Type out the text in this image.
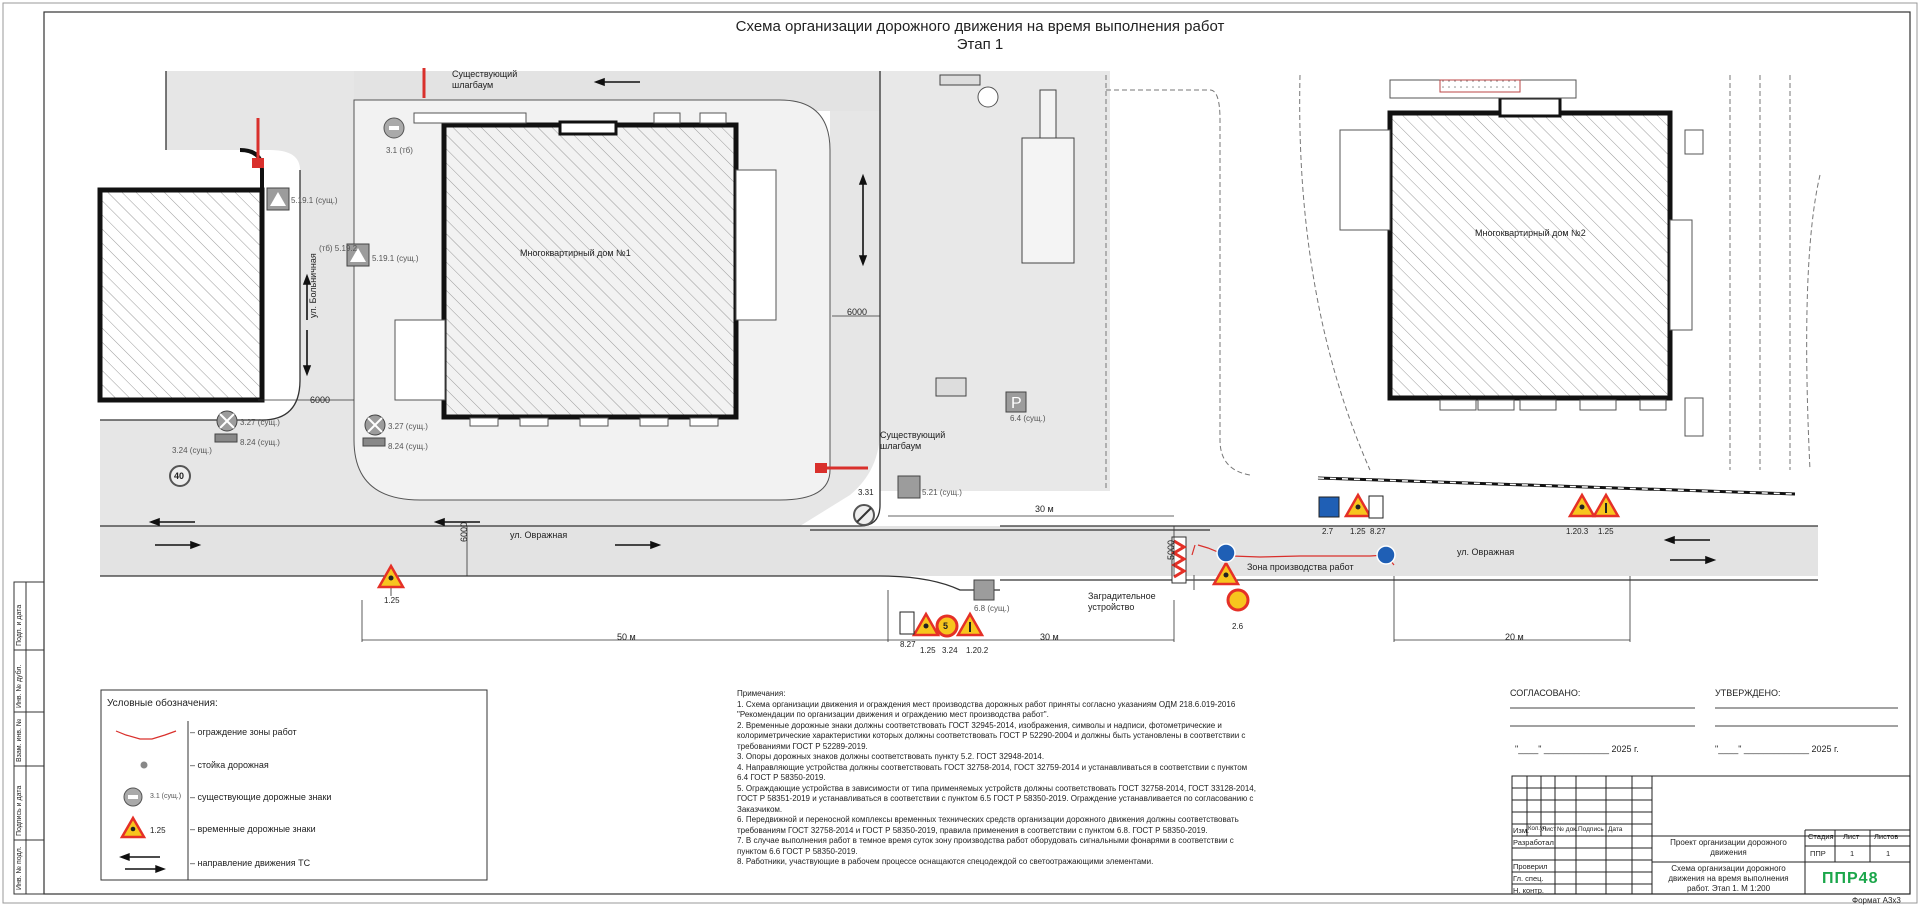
P
Схема организации дорожного движения на время выполнения работ
Этап 1
Многоквартирный дом №1
Многоквартирный дом №2
Существующий шлагбаум
Существующий шлагбаум
ул. Больничная
ул. Овражная
ул. Овражная
Зона производства работ
Заградительное устройство
6000
6000
6000
5000
30 м
50 м	30 м	20 м
5.19.1 (сущ.)
5.19.1 (сущ.)
(тб) 5.19.2
3.1 (тб)
3.27 (сущ.)
8.24 (сущ.)
3.27 (сущ.)
8.24 (сущ.)
3.24 (сущ.)
40
3.31	5.21 (сущ.)
6.4 (сущ.)
1.25
8.27
1.25 3.24 1.20.2
5
6.8 (сущ.)
2.6
2.7 1.25 8.27	1.20.3 1.25
Условные обозначения:
– ограждение зоны работ
– стойка дорожная
– существующие дорожные знаки
3.1 (сущ.)
– временные дорожные знаки
1.25
– направление движения ТС
Примечания:
1. Схема организации движения и ограждения мест производства дорожных работ приняты согласно указаниям ОДМ 218.6.019-2016 "Рекомендации по организации движения и ограждению мест производства работ".
2. Временные дорожные знаки должны соответствовать ГОСТ 32945-2014, изображения, символы и надписи, фотометрические и колориметрические характеристики которых должны соответствовать ГОСТ Р 52290-2004 и должны быть установлены в соответствии с требованиями ГОСТ Р 52289-2019.
3. Опоры дорожных знаков должны соответствовать пункту 5.2. ГОСТ 32948-2014.
4. Направляющие устройства должны соответствовать ГОСТ 32758-2014, ГОСТ 32759-2014 и устанавливаться в соответствии с пунктом 6.4 ГОСТ Р 58350-2019.
5. Ограждающие устройства в зависимости от типа применяемых устройств должны соответствовать ГОСТ 32758-2014, ГОСТ 33128-2014, ГОСТ Р 58351-2019 и устанавливаться в соответствии с пунктом 6.5 ГОСТ Р 58350-2019. Ограждение устанавливается по согласованию с Заказчиком.
6. Передвижной и переносной комплексы временных технических средств организации дорожного движения должны соответствовать требованиям ГОСТ 32758-2014 и ГОСТ Р 58350-2019, правила применения в соответствии с пунктом 6.8. ГОСТ Р 58350-2019.
7. В случае выполнения работ в темное время суток зону производства работ оборудовать сигнальными фонарями в соответствии с пунктом 6.6 ГОСТ Р 58350-2019.
8. Работники, участвующие в рабочем процессе оснащаются спецодеждой со светоотражающими элементами.
СОГЛАСОВАНО:	УТВЕРЖДЕНО:
"____" _____________ 2025 г.	"____" _____________ 2025 г.
Изм.
Кол.уч
Лист № док. Подпись Дата
Разработал
Проверил
Гл. спец.
Н. контр.
Проект организации дорожного движения
Схема организации дорожного движения на время выполнения работ. Этап 1. М 1:200
Стадия Лист Листов
ППР	1	1
ППР48
Формат А3х3
Инв. № подл.
Подпись и дата
Взам. инв. №
Инв. № дубл.
Подп. и дата
